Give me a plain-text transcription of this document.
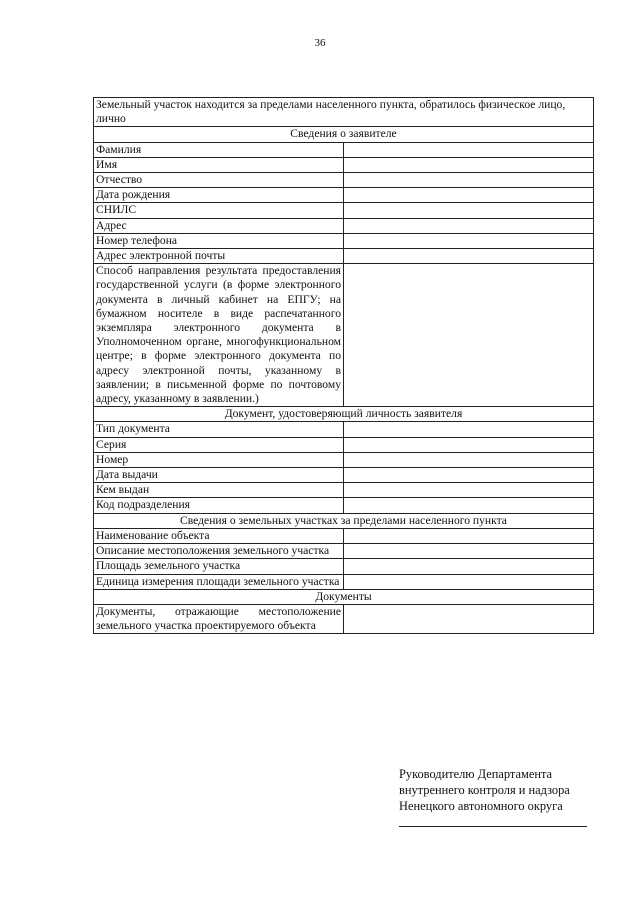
36
Земельный участок находится за пределами населенного пункта, обратилось физическое лицо, лично	
Сведения о заявителе	
Фамилия	
Имя	
Отчество	
Дата рождения	
СНИЛС	
Адрес	
Номер телефона	
Адрес электронной почты	
Способ направления результата предоставления государственной услуги (в форме электронного документа в личный кабинет на ЕПГУ; на бумажном носителе в виде распечатанного экземпляра электронного документа в Уполномоченном органе, многофункциональном центре; в форме электронного документа по адресу электронной почты, указанному в заявлении; в письменной форме по почтовому адресу, указанному в заявлении.)	
Документ, удостоверяющий личность заявителя	
Тип документа	
Серия	
Номер	
Дата выдачи	
Кем выдан	
Код подразделения	
Сведения о земельных участках за пределами населенного пункта	
Наименование объекта	
Описание местоположения земельного участка	
Площадь земельного участка	
Единица измерения площади земельного участка	
Документы	
Документы, отражающие местоположение земельного участка проектируемого объекта	
Руководителю Департамента
внутреннего контроля и надзора
Ненецкого автономного округа
